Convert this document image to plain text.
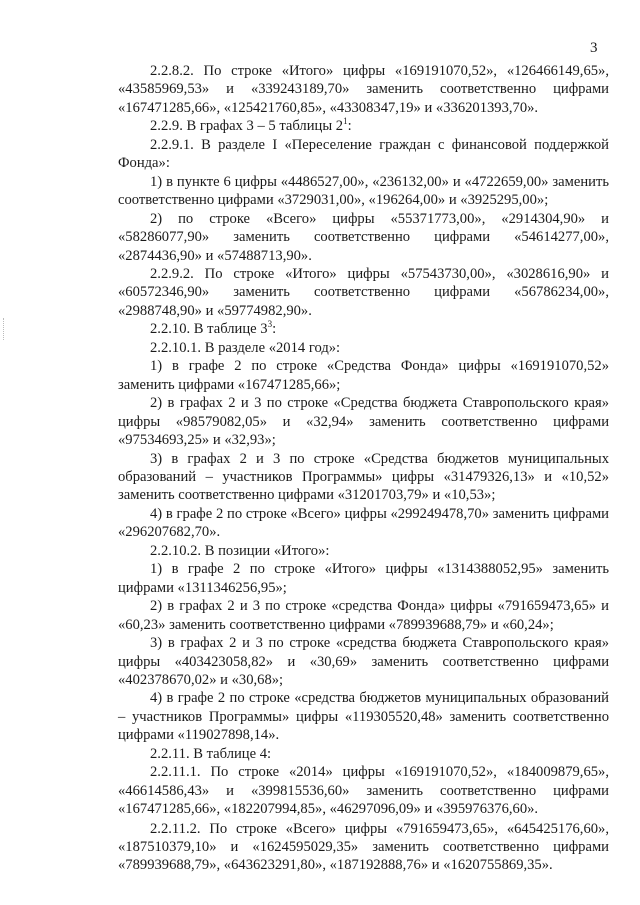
3

2.2.8.2. По строке «Итого» цифры «169191070,52», «126466149,65», «43585969,53» и «339243189,70» заменить соответственно цифрами «167471285,66», «125421760,85», «43308347,19» и «336201393,70».

2.2.9. В графах 3 – 5 таблицы $2^1$:

2.2.9.1. В разделе I «Переселение граждан с финансовой поддержкой Фонда»:

1) в пункте 6 цифры «4486527,00», «236132,00» и «4722659,00» заменить соответственно цифрами «3729031,00», «196264,00» и «3925295,00»;

2) по строке «Всего» цифры «55371773,00», «2914304,90» и «58286077,90» заменить соответственно цифрами «54614277,00», «2874436,90» и «57488713,90».

2.2.9.2. По строке «Итого» цифры «57543730,00», «3028616,90» и «60572346,90» заменить соответственно цифрами «56786234,00», «2988748,90» и «59774982,90».

2.2.10. В таблице $3^3$:

2.2.10.1. В разделе «2014 год»:

1) в графе 2 по строке «Средства Фонда» цифры «169191070,52» заменить цифрами «167471285,66»;

2) в графах 2 и 3 по строке «Средства бюджета Ставропольского края» цифры «98579082,05» и «32,94» заменить соответственно цифрами «97534693,25» и «32,93»;

3) в графах 2 и 3 по строке «Средства бюджетов муниципальных образований – участников Программы» цифры «31479326,13» и «10,52» заменить соответственно цифрами «31201703,79» и «10,53»;

4) в графе 2 по строке «Всего» цифры «299249478,70» заменить цифрами «296207682,70».

2.2.10.2. В позиции «Итого»:

1) в графе 2 по строке «Итого» цифры «1314388052,95» заменить цифрами «1311346256,95»;

2) в графах 2 и 3 по строке «средства Фонда» цифры «791659473,65» и «60,23» заменить соответственно цифрами «789939688,79» и «60,24»;

3) в графах 2 и 3 по строке «средства бюджета Ставропольского края» цифры «403423058,82» и «30,69» заменить соответственно цифрами «402378670,02» и «30,68»;

4) в графе 2 по строке «средства бюджетов муниципальных образований – участников Программы» цифры «119305520,48» заменить соответственно цифрами «119027898,14».

2.2.11. В таблице 4:

2.2.11.1. По строке «2014» цифры «169191070,52», «184009879,65», «46614586,43» и «399815536,60» заменить соответственно цифрами «167471285,66», «182207994,85», «46297096,09» и «395976376,60».

2.2.11.2. По строке «Всего» цифры «791659473,65», «645425176,60», «187510379,10» и «1624595029,35» заменить соответственно цифрами «789939688,79», «643623291,80», «187192888,76» и «1620755869,35».
